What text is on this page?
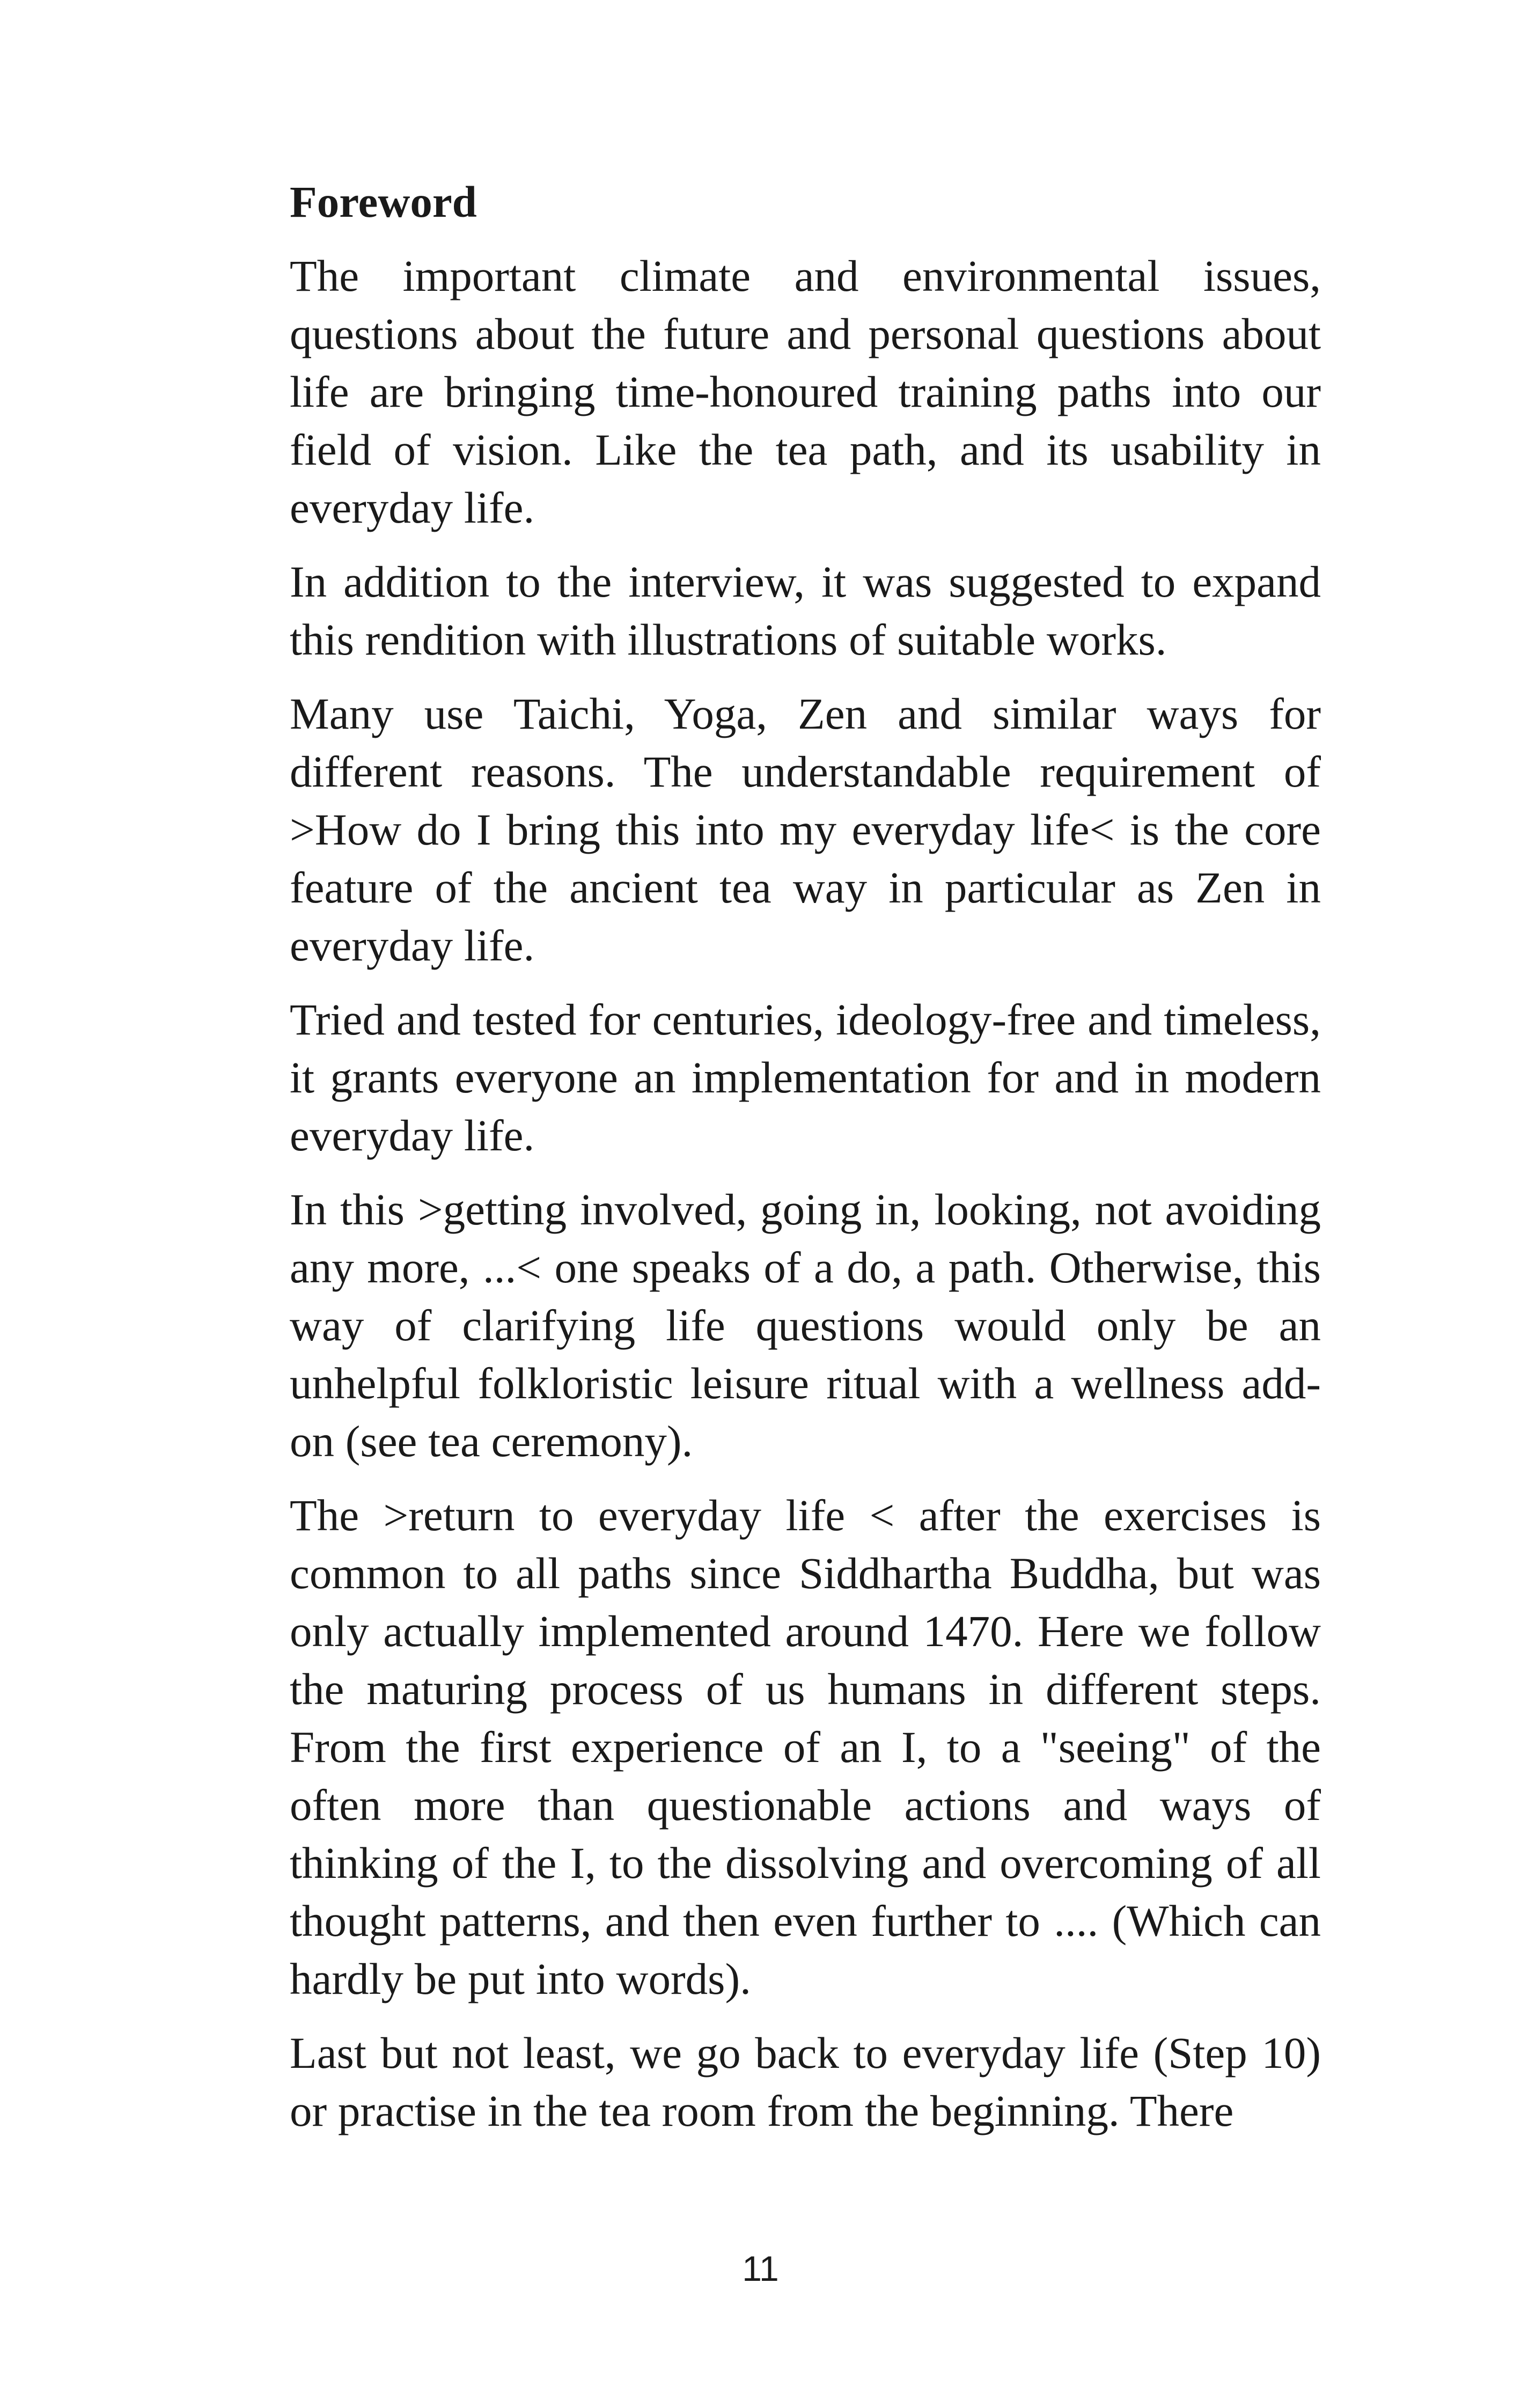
Foreword

The important climate and environmental issues, questions about the future and personal questions about life are bringing time-honoured training paths into our field of vision. Like the tea path, and its usability in everyday life.

In addition to the interview, it was suggested to expand this rendition with illustrations of suitable works.

Many use Taichi, Yoga, Zen and similar ways for different reasons. The understandable requirement of >How do I bring this into my everyday life< is the core feature of the ancient tea way in particular as Zen in everyday life.

Tried and tested for centuries, ideology-free and timeless, it grants everyone an implementation for and in modern everyday life.

In this >getting involved, going in, looking, not avoiding any more, ...< one speaks of a do, a path. Otherwise, this way of clarifying life questions would only be an unhelpful folkloristic leisure ritual with a wellness add-on (see tea ceremony).

The >return to everyday life < after the exercises is common to all paths since Siddhartha Buddha, but was only actually implemented around 1470. Here we follow the maturing process of us humans in different steps. From the first experience of an I, to a "seeing" of the often more than questionable actions and ways of thinking of the I, to the dissolving and overcoming of all thought patterns, and then even further to .... (Which can hardly be put into words).

Last but not least, we go back to everyday life (Step 10) or practise in the tea room from the beginning. There

11
